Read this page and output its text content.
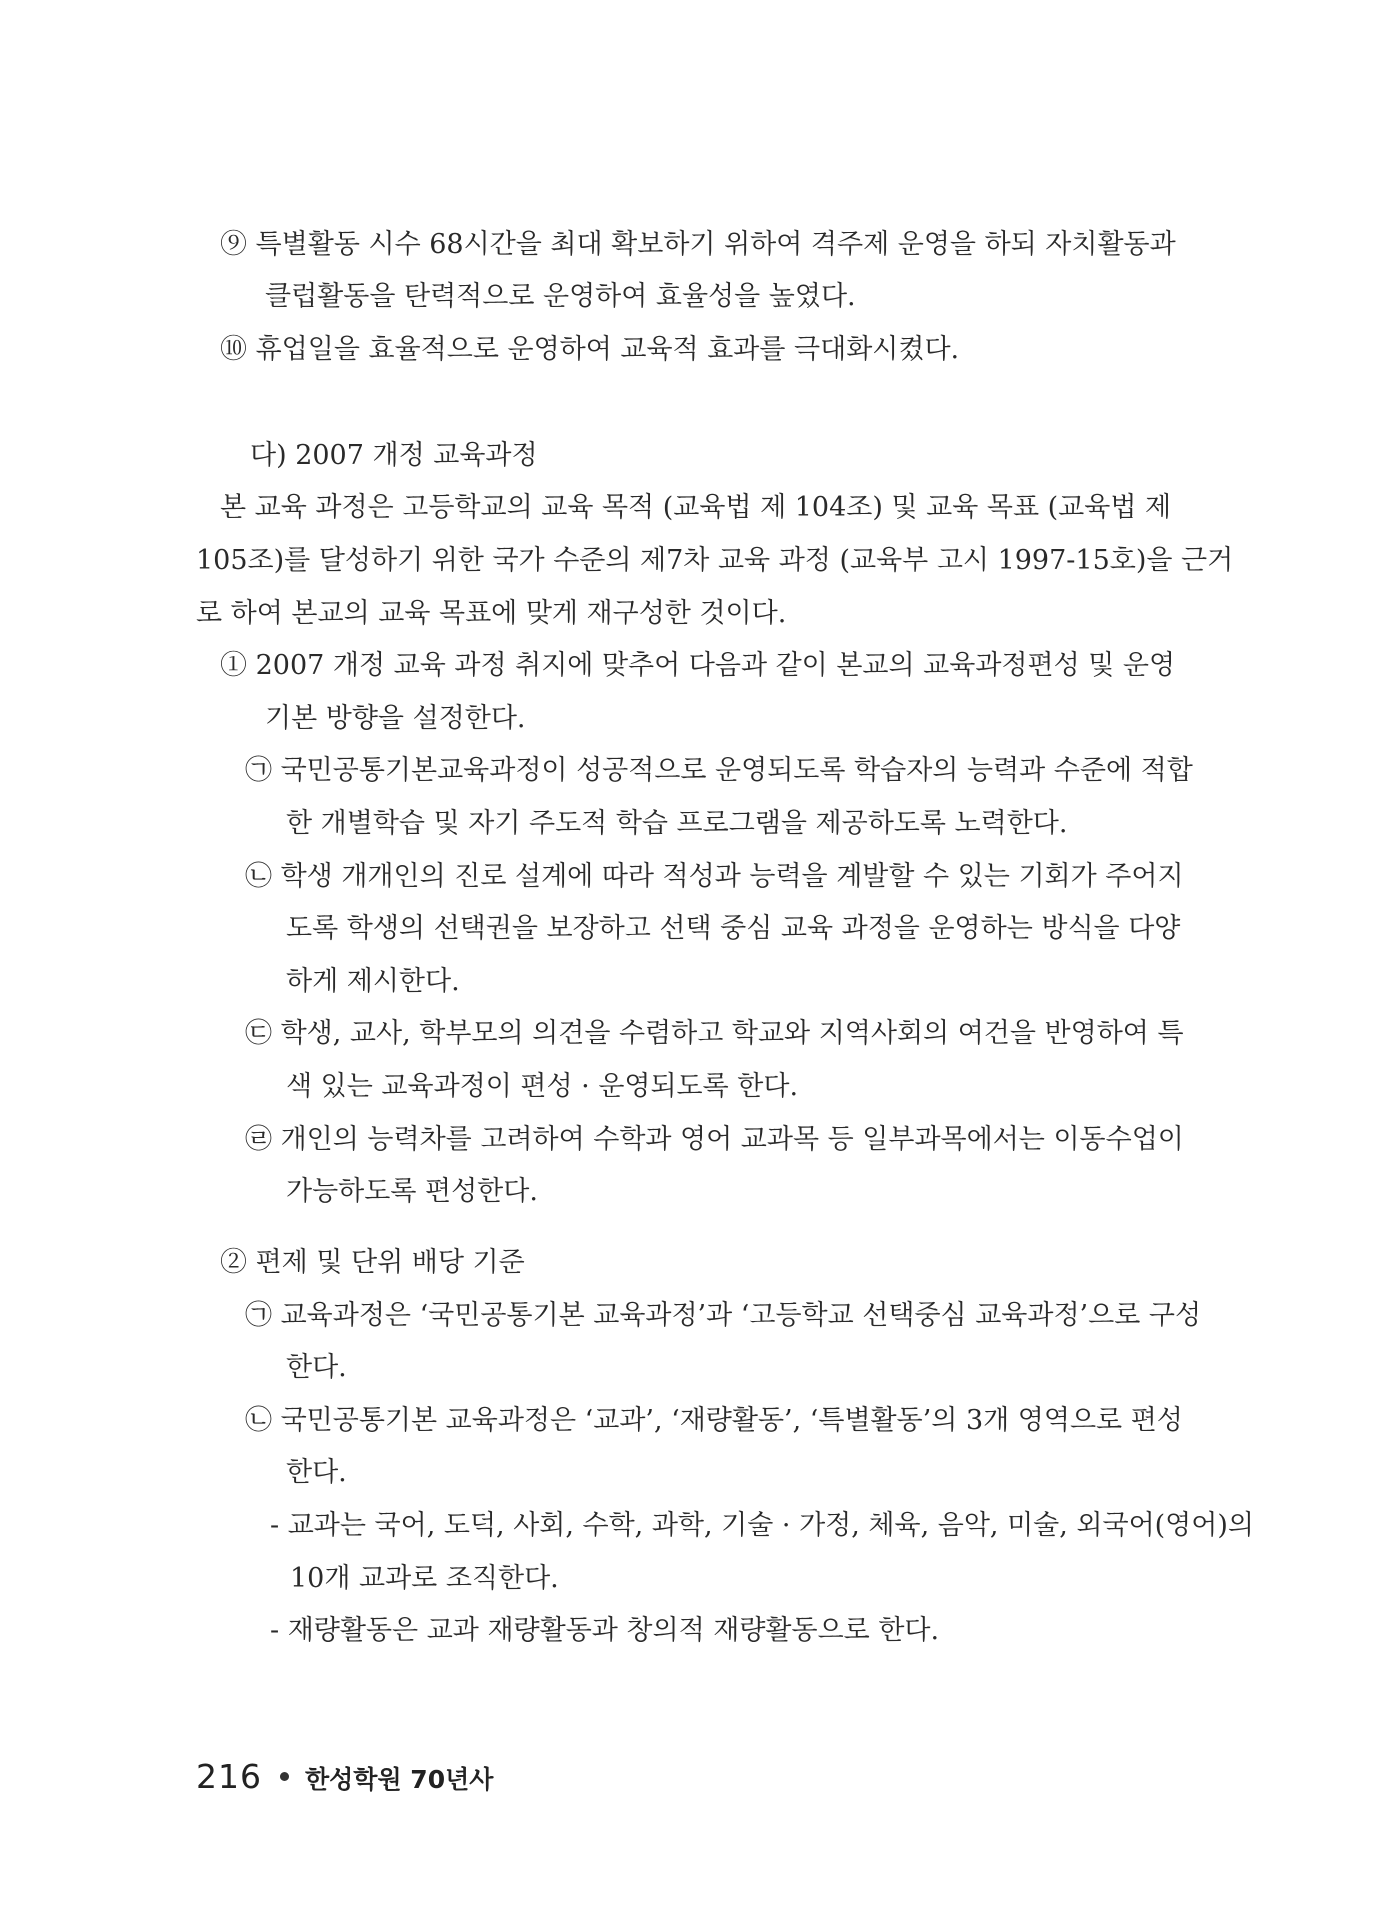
⑨ 특별활동 시수 68시간을 최대 확보하기 위하여 격주제 운영을 하되 자치활동과
클럽활동을 탄력적으로 운영하여 효율성을 높였다.
⑩ 휴업일을 효율적으로 운영하여 교육적 효과를 극대화시켰다.
다) 2007 개정 교육과정
본 교육 과정은 고등학교의 교육 목적 (교육법 제 104조) 및 교육 목표 (교육법 제
105조)를 달성하기 위한 국가 수준의 제7차 교육 과정 (교육부 고시 1997-15호)을 근거
로 하여 본교의 교육 목표에 맞게 재구성한 것이다.
① 2007 개정 교육 과정 취지에 맞추어 다음과 같이 본교의 교육과정편성 및 운영
기본 방향을 설정한다.
㉠ 국민공통기본교육과정이 성공적으로 운영되도록 학습자의 능력과 수준에 적합
한 개별학습 및 자기 주도적 학습 프로그램을 제공하도록 노력한다.
㉡ 학생 개개인의 진로 설계에 따라 적성과 능력을 계발할 수 있는 기회가 주어지
도록 학생의 선택권을 보장하고 선택 중심 교육 과정을 운영하는 방식을 다양
하게 제시한다.
㉢ 학생, 교사, 학부모의 의견을 수렴하고 학교와 지역사회의 여건을 반영하여 특
색 있는 교육과정이 편성 · 운영되도록 한다.
㉣ 개인의 능력차를 고려하여 수학과 영어 교과목 등 일부과목에서는 이동수업이
가능하도록 편성한다.
② 편제 및 단위 배당 기준
㉠ 교육과정은 ‘국민공통기본 교육과정’과 ‘고등학교 선택중심 교육과정’으로 구성
한다.
㉡ 국민공통기본 교육과정은 ‘교과’, ‘재량활동’, ‘특별활동’의 3개 영역으로 편성
한다.
- 교과는 국어, 도덕, 사회, 수학, 과학, 기술 · 가정, 체육, 음악, 미술, 외국어(영어)의
10개 교과로 조직한다.
- 재량활동은 교과 재량활동과 창의적 재량활동으로 한다.
216 한성학원 70년사
